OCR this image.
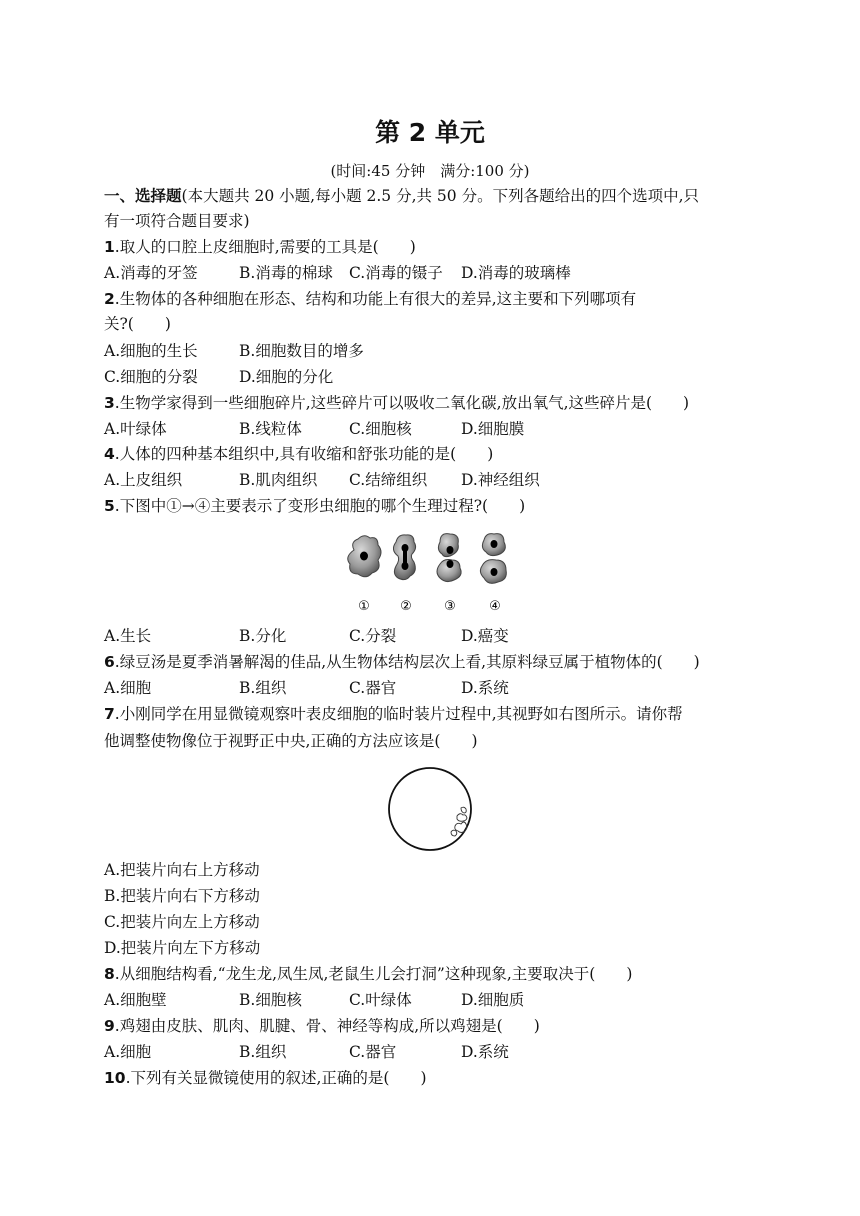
第 2 单元
(时间:45 分钟　满分:100 分)
一、选择题(本大题共 20 小题,每小题 2.5 分,共 50 分。下列各题给出的四个选项中,只
有一项符合题目要求)
1.取人的口腔上皮细胞时,需要的工具是(　　)
A.消毒的牙签	B.消毒的棉球 C.消毒的镊子 D.消毒的玻璃棒
2.生物体的各种细胞在形态、结构和功能上有很大的差异,这主要和下列哪项有
关?(　　)
A.细胞的生长	B.细胞数目的增多
C.细胞的分裂	D.细胞的分化
3.生物学家得到一些细胞碎片,这些碎片可以吸收二氧化碳,放出氧气,这些碎片是(　　)
A.叶绿体	B.线粒体	C.细胞核	D.细胞膜
4.人体的四种基本组织中,具有收缩和舒张功能的是(　　)
A.上皮组织	B.肌肉组织 C.结缔组织 D.神经组织
5.下图中①→④主要表示了变形虫细胞的哪个生理过程?(　　)
① ② ③	④
A.生长	B.分化	C.分裂	D.癌变
6.绿豆汤是夏季消暑解渴的佳品,从生物体结构层次上看,其原料绿豆属于植物体的(　　)
A.细胞	B.组织	C.器官	D.系统
7.小刚同学在用显微镜观察叶表皮细胞的临时装片过程中,其视野如右图所示。请你帮
他调整使物像位于视野正中央,正确的方法应该是(　　)
A.把装片向右上方移动
B.把装片向右下方移动
C.把装片向左上方移动
D.把装片向左下方移动
8.从细胞结构看,“龙生龙,凤生凤,老鼠生儿会打洞”这种现象,主要取决于(　　)
A.细胞壁	B.细胞核	C.叶绿体	D.细胞质
9.鸡翅由皮肤、肌肉、肌腱、骨、神经等构成,所以鸡翅是(　　)
A.细胞	B.组织	C.器官	D.系统
10.下列有关显微镜使用的叙述,正确的是(　　)
